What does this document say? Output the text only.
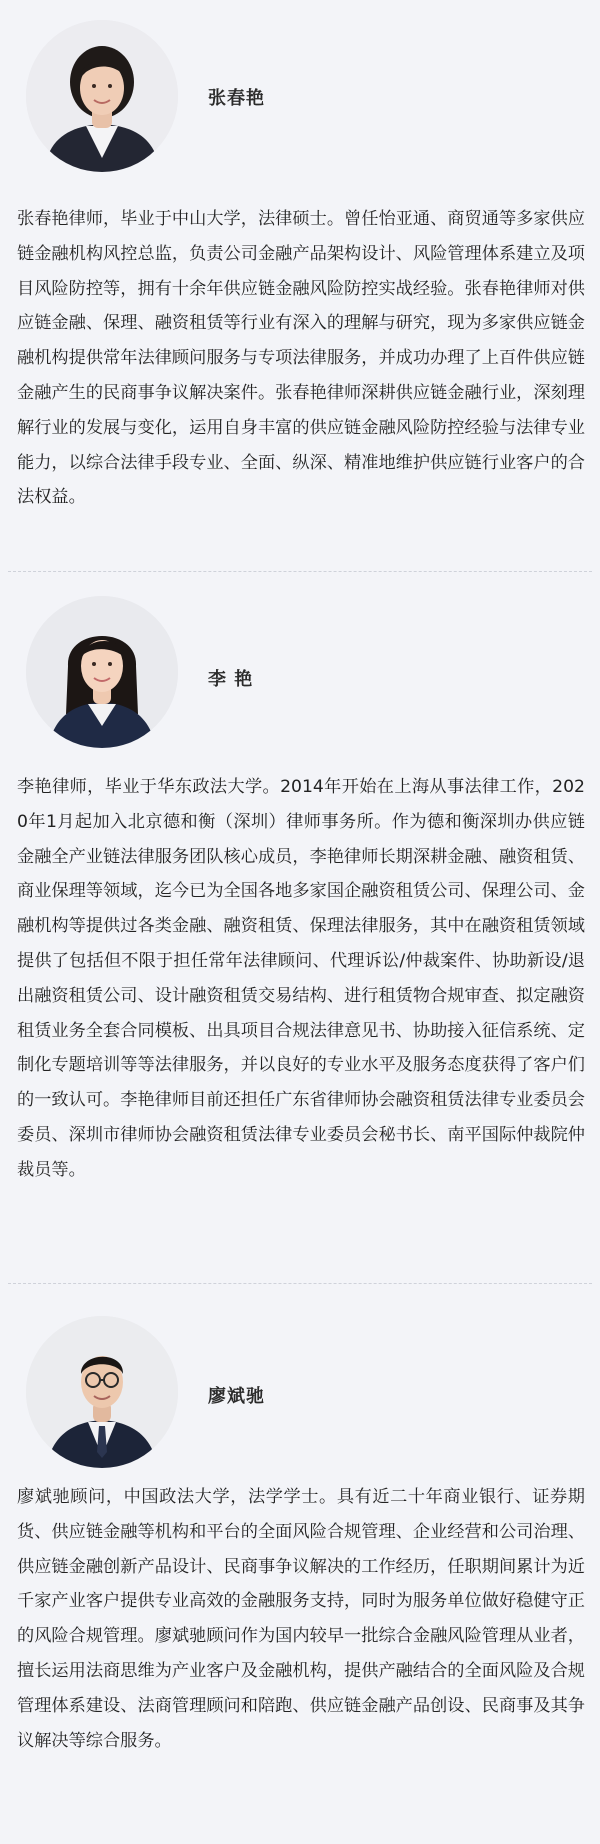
张春艳

张春艳律师，毕业于中山大学，法律硕士。曾任怡亚通、商贸通等多家供应链金融机构风控总监，负责公司金融产品架构设计、风险管理体系建立及项目风险防控等，拥有十余年供应链金融风险防控实战经验。张春艳律师对供应链金融、保理、融资租赁等行业有深入的理解与研究，现为多家供应链金融机构提供常年法律顾问服务与专项法律服务，并成功办理了上百件供应链金融产生的民商事争议解决案件。张春艳律师深耕供应链金融行业，深刻理解行业的发展与变化，运用自身丰富的供应链金融风险防控经验与法律专业能力，以综合法律手段专业、全面、纵深、精准地维护供应链行业客户的合法权益。

李 艳

李艳律师，毕业于华东政法大学。2014年开始在上海从事法律工作，2020年1月起加入北京德和衡（深圳）律师事务所。作为德和衡深圳办供应链金融全产业链法律服务团队核心成员，李艳律师长期深耕金融、融资租赁、商业保理等领域，迄今已为全国各地多家国企融资租赁公司、保理公司、金融机构等提供过各类金融、融资租赁、保理法律服务，其中在融资租赁领域提供了包括但不限于担任常年法律顾问、代理诉讼/仲裁案件、协助新设/退出融资租赁公司、设计融资租赁交易结构、进行租赁物合规审查、拟定融资租赁业务全套合同模板、出具项目合规法律意见书、协助接入征信系统、定制化专题培训等等法律服务，并以良好的专业水平及服务态度获得了客户们的一致认可。李艳律师目前还担任广东省律师协会融资租赁法律专业委员会委员、深圳市律师协会融资租赁法律专业委员会秘书长、南平国际仲裁院仲裁员等。

廖斌驰

廖斌驰顾问，中国政法大学，法学学士。具有近二十年商业银行、证券期货、供应链金融等机构和平台的全面风险合规管理、企业经营和公司治理、供应链金融创新产品设计、民商事争议解决的工作经历，任职期间累计为近千家产业客户提供专业高效的金融服务支持，同时为服务单位做好稳健守正的风险合规管理。廖斌驰顾问作为国内较早一批综合金融风险管理从业者，擅长运用法商思维为产业客户及金融机构，提供产融结合的全面风险及合规管理体系建设、法商管理顾问和陪跑、供应链金融产品创设、民商事及其争议解决等综合服务。
